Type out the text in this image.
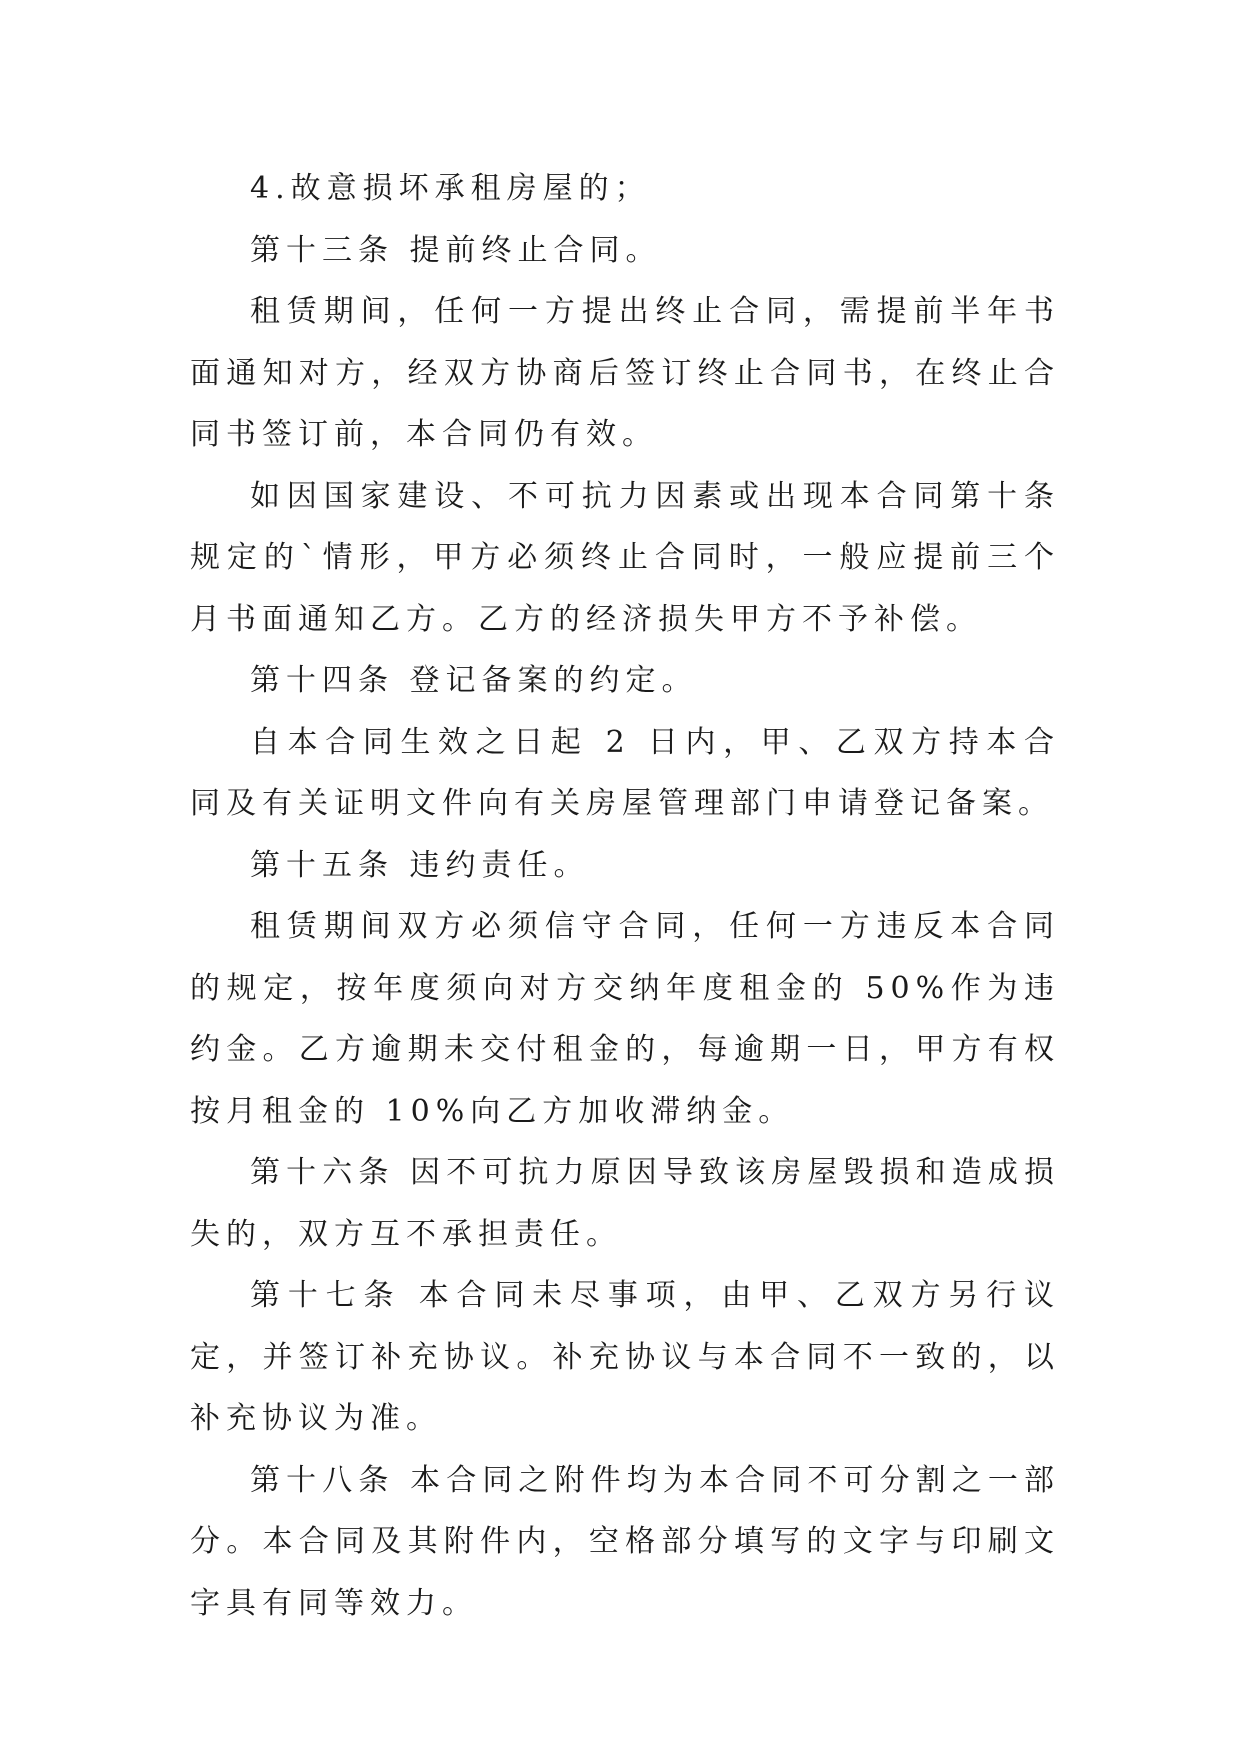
4.故意损坏承租房屋的；

第十三条 提前终止合同。

租赁期间，任何一方提出终止合同，需提前半年书面通知对方，经双方协商后签订终止合同书，在终止合同书签订前，本合同仍有效。

如因国家建设、不可抗力因素或出现本合同第十条规定的`情形，甲方必须终止合同时，一般应提前三个月书面通知乙方。乙方的经济损失甲方不予补偿。

第十四条 登记备案的约定。

自本合同生效之日起 2 日内，甲、乙双方持本合同及有关证明文件向有关房屋管理部门申请登记备案。

第十五条 违约责任。

租赁期间双方必须信守合同，任何一方违反本合同的规定，按年度须向对方交纳年度租金的 50%作为违约金。乙方逾期未交付租金的，每逾期一日，甲方有权按月租金的 10%向乙方加收滞纳金。

第十六条 因不可抗力原因导致该房屋毁损和造成损失的，双方互不承担责任。

第十七条 本合同未尽事项，由甲、乙双方另行议定，并签订补充协议。补充协议与本合同不一致的，以补充协议为准。

第十八条 本合同之附件均为本合同不可分割之一部分。本合同及其附件内，空格部分填写的文字与印刷文字具有同等效力。
